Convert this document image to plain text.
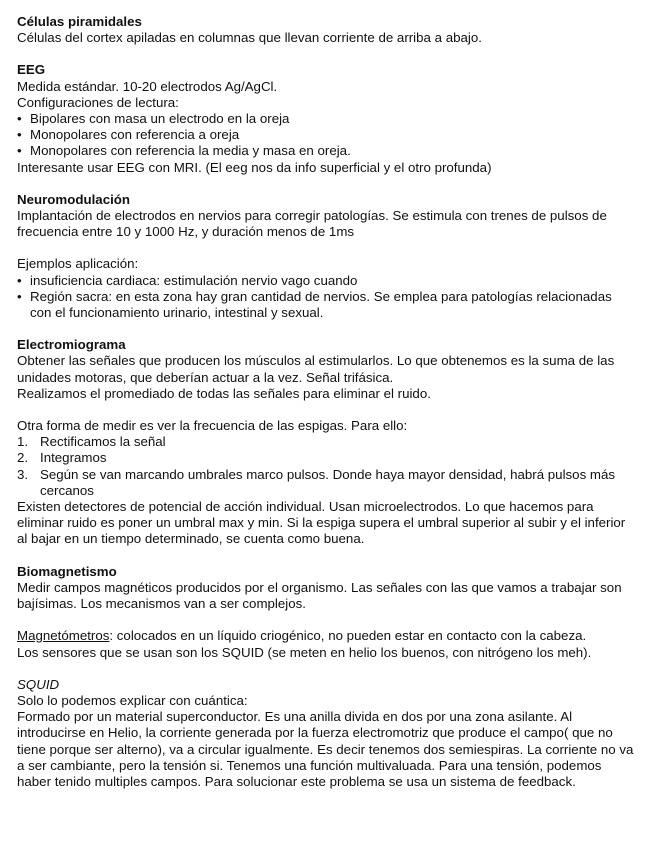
Células piramidales
Células del cortex apiladas en columnas que llevan corriente de arriba a abajo.
EEG
Medida estándar. 10-20 electrodos Ag/AgCl.
Configuraciones de lectura:
• Bipolares con masa un electrodo en la oreja
• Monopolares con referencia a oreja
• Monopolares con referencia la media y masa en oreja.
Interesante usar EEG con MRI. (El eeg nos da info superficial y el otro profunda)
Neuromodulación
Implantación de electrodos en nervios para corregir patologías. Se estimula con trenes de pulsos de frecuencia entre 10 y 1000 Hz, y duración menos de 1ms
Ejemplos aplicación:
• insuficiencia cardiaca: estimulación nervio vago cuando
• Región sacra: en esta zona hay gran cantidad de nervios. Se emplea para patologías relacionadas con el funcionamiento urinario, intestinal y sexual.
Electromiograma
Obtener las señales que producen los músculos al estimularlos. Lo que obtenemos es la suma de las unidades motoras, que deberían actuar a la vez. Señal trifásica.
Realizamos el promediado de todas las señales para eliminar el ruido.
Otra forma de medir es ver la frecuencia de las espigas. Para ello:
1. Rectificamos la señal
2. Integramos
3. Según se van marcando umbrales marco pulsos. Donde haya mayor densidad, habrá pulsos más cercanos
Existen detectores de potencial de acción individual. Usan microelectrodos. Lo que hacemos para eliminar ruido es poner un umbral max y min. Si la espiga supera el umbral superior al subir y el inferior al bajar en un tiempo determinado, se cuenta como buena.
Biomagnetismo
Medir campos magnéticos producidos por el organismo. Las señales con las que vamos a trabajar son bajísimas. Los mecanismos van a ser complejos.
Magnetómetros: colocados en un líquido criogénico, no pueden estar en contacto con la cabeza.
Los sensores que se usan son los SQUID (se meten en helio los buenos, con nitrógeno los meh).
SQUID
Solo lo podemos explicar con cuántica:
Formado por un material superconductor. Es una anilla divida en dos por una zona asilante. Al introducirse en Helio, la corriente generada por la fuerza electromotriz que produce el campo( que no tiene porque ser alterno), va a circular igualmente. Es decir tenemos dos semiespiras. La corriente no va a ser cambiante, pero la tensión si. Tenemos una función multivaluada. Para una tensión, podemos haber tenido multiples campos. Para solucionar este problema se usa un sistema de feedback.
